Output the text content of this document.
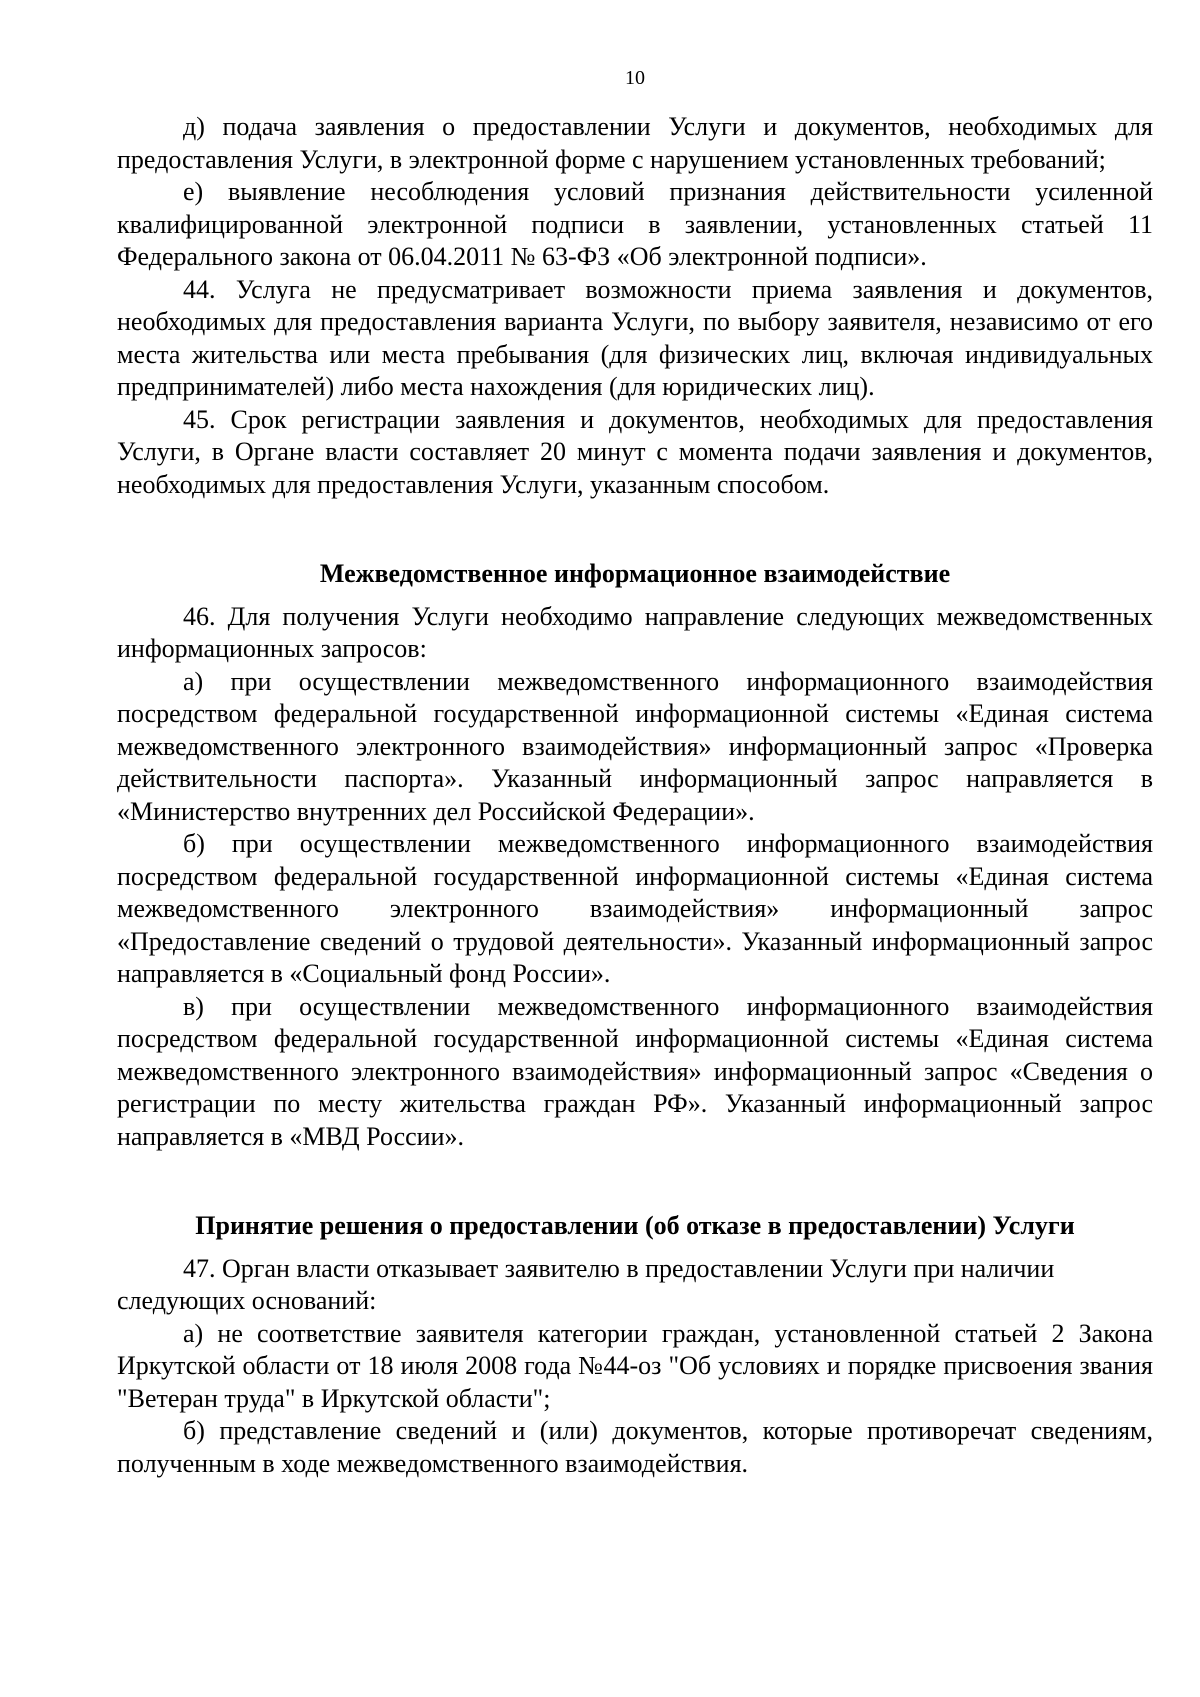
10

д) подача заявления о предоставлении Услуги и документов, необходимых для предоставления Услуги, в электронной форме с нарушением установленных требований;

е) выявление несоблюдения условий признания действительности усиленной квалифицированной электронной подписи в заявлении, установленных статьей 11 Федерального закона от 06.04.2011 № 63-ФЗ «Об электронной подписи».

44. Услуга не предусматривает возможности приема заявления и документов, необходимых для предоставления варианта Услуги, по выбору заявителя, независимо от его места жительства или места пребывания (для физических лиц, включая индивидуальных предпринимателей) либо места нахождения (для юридических лиц).

45. Срок регистрации заявления и документов, необходимых для предоставления Услуги, в Органе власти составляет 20 минут с момента подачи заявления и документов, необходимых для предоставления Услуги, указанным способом.

Межведомственное информационное взаимодействие

46. Для получения Услуги необходимо направление следующих межведомственных информационных запросов:

а) при осуществлении межведомственного информационного взаимодействия посредством федеральной государственной информационной системы «Единая система межведомственного электронного взаимодействия» информационный запрос «Проверка действительности паспорта». Указанный информационный запрос направляется в «Министерство внутренних дел Российской Федерации».

б) при осуществлении межведомственного информационного взаимодействия посредством федеральной государственной информационной системы «Единая система межведомственного электронного взаимодействия» информационный запрос «Предоставление сведений о трудовой деятельности». Указанный информационный запрос направляется в «Социальный фонд России».

в) при осуществлении межведомственного информационного взаимодействия посредством федеральной государственной информационной системы «Единая система межведомственного электронного взаимодействия» информационный запрос «Сведения о регистрации по месту жительства граждан РФ». Указанный информационный запрос направляется в «МВД России».

Принятие решения о предоставлении (об отказе в предоставлении) Услуги

47. Орган власти отказывает заявителю в предоставлении Услуги при наличии следующих оснований:

а) не соответствие заявителя категории граждан, установленной статьей 2 Закона Иркутской области от 18 июля 2008 года №44-оз "Об условиях и порядке присвоения звания "Ветеран труда" в Иркутской области";

б) представление сведений и (или) документов, которые противоречат сведениям, полученным в ходе межведомственного взаимодействия.
